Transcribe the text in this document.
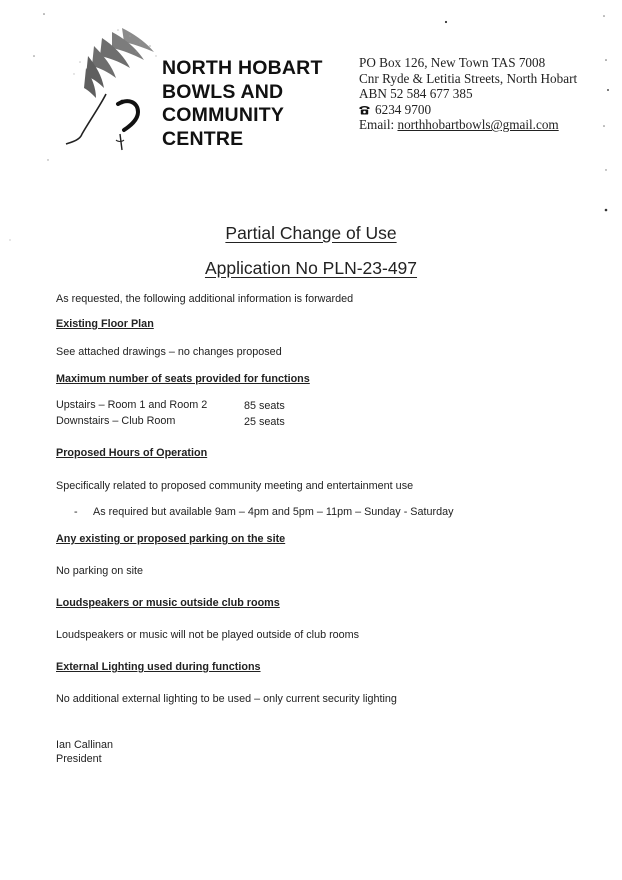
NORTH HOBART
BOWLS AND
COMMUNITY
CENTRE
PO Box 126, New Town TAS 7008
Cnr Ryde & Letitia Streets, North Hobart
ABN 52 584 677 385
6234 9700
Email: northhobartbowls@gmail.com
Partial Change of Use
Application No PLN-23-497
As requested, the following additional information is forwarded
Existing Floor Plan
See attached drawings – no changes proposed
Maximum number of seats provided for functions
Upstairs – Room 1 and Room 2	85 seats
Downstairs – Club Room	25 seats
Proposed Hours of Operation
Specifically related to proposed community meeting and entertainment use
- As required but available 9am – 4pm and 5pm – 11pm – Sunday - Saturday
Any existing or proposed parking on the site
No parking on site
Loudspeakers or music outside club rooms
Loudspeakers or music will not be played outside of club rooms
External Lighting used during functions
No additional external lighting to be used – only current security lighting
Ian Callinan
President
